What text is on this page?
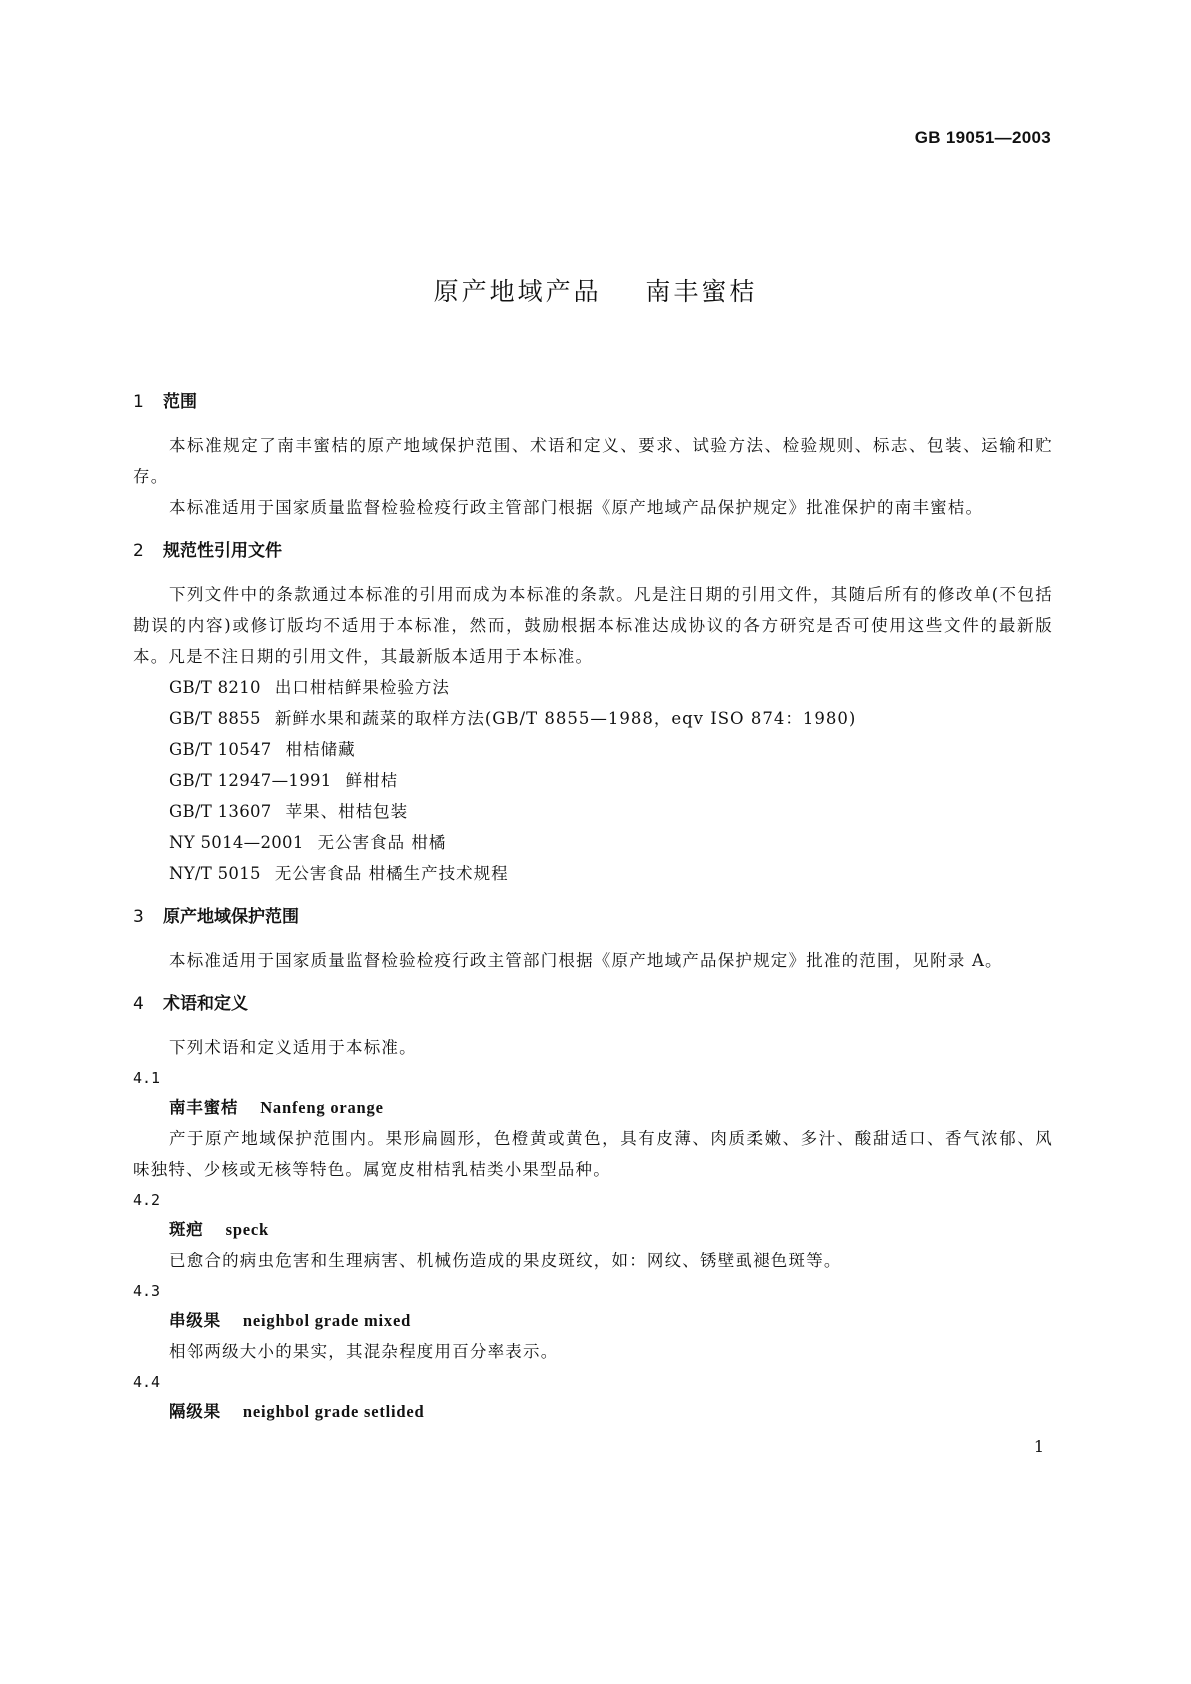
GB 19051—2003
原产地域产品    南丰蜜桔
1 范围

本标准规定了南丰蜜桔的原产地域保护范围、术语和定义、要求、试验方法、检验规则、标志、包装、运输和贮存。

本标准适用于国家质量监督检验检疫行政主管部门根据《原产地域产品保护规定》批准保护的南丰蜜桔。

2 规范性引用文件

下列文件中的条款通过本标准的引用而成为本标准的条款。凡是注日期的引用文件，其随后所有的修改单(不包括勘误的内容)或修订版均不适用于本标准，然而，鼓励根据本标准达成协议的各方研究是否可使用这些文件的最新版本。凡是不注日期的引用文件，其最新版本适用于本标准。

GB/T 8210 出口柑桔鲜果检验方法
GB/T 8855 新鲜水果和蔬菜的取样方法(GB/T 8855—1988，eqv ISO 874：1980)
GB/T 10547 柑桔储藏
GB/T 12947—1991 鲜柑桔
GB/T 13607 苹果、柑桔包装
NY 5014—2001 无公害食品 柑橘
NY/T 5015 无公害食品 柑橘生产技术规程
3 原产地域保护范围

本标准适用于国家质量监督检验检疫行政主管部门根据《原产地域产品保护规定》批准的范围，见附录 A。

4 术语和定义

下列术语和定义适用于本标准。

4.1
南丰蜜桔 Nanfeng orange

产于原产地域保护范围内。果形扁圆形，色橙黄或黄色，具有皮薄、肉质柔嫩、多汁、酸甜适口、香气浓郁、风味独特、少核或无核等特色。属宽皮柑桔乳桔类小果型品种。

4.2
斑疤 speck

已愈合的病虫危害和生理病害、机械伤造成的果皮斑纹，如：网纹、锈壁虱褪色斑等。

4.3
串级果 neighbol grade mixed

相邻两级大小的果实，其混杂程度用百分率表示。

4.4
隔级果 neighbol grade setlided
1
